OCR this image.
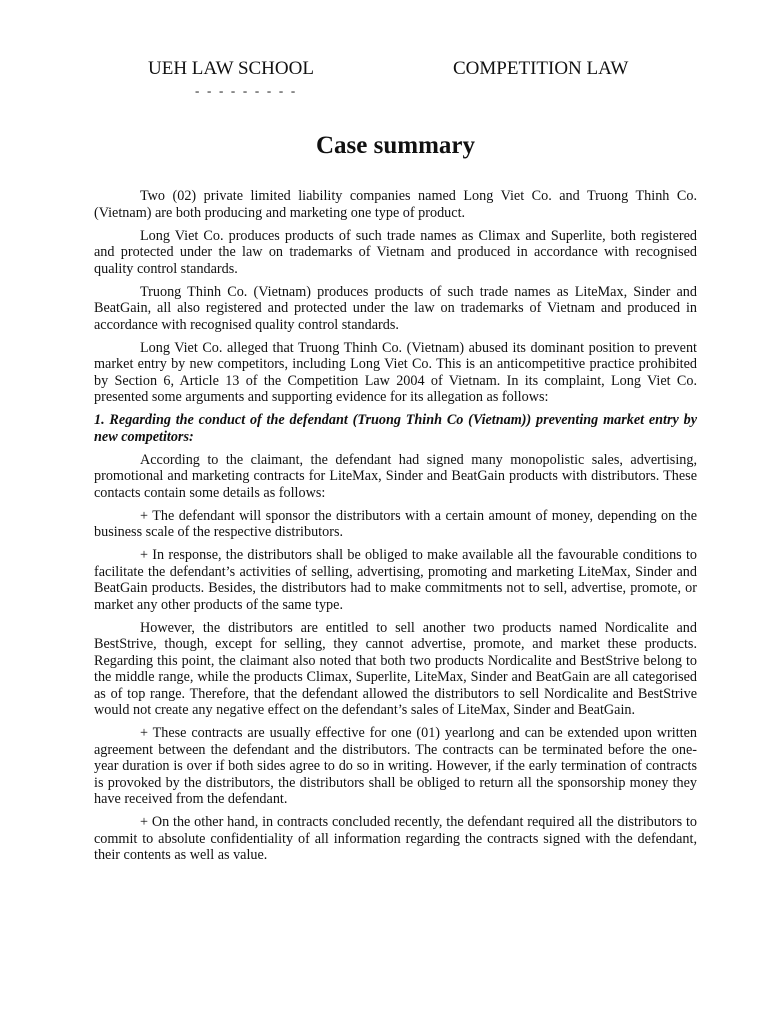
UEH LAW SCHOOL	COMPETITION LAW
- - - - - - - - -
Case summary

Two (02) private limited liability companies named Long Viet Co. and Truong Thinh Co. (Vietnam) are both producing and marketing one type of product.

Long Viet Co. produces products of such trade names as Climax and Superlite, both registered and protected under the law on trademarks of Vietnam and produced in accordance with recognised quality control standards.

Truong Thinh Co. (Vietnam) produces products of such trade names as LiteMax, Sinder and BeatGain, all also registered and protected under the law on trademarks of Vietnam and produced in accordance with recognised quality control standards.

Long Viet Co. alleged that Truong Thinh Co. (Vietnam) abused its dominant position to prevent market entry by new competitors, including Long Viet Co. This is an anticompetitive practice prohibited by Section 6, Article 13 of the Competition Law 2004 of Vietnam. In its complaint, Long Viet Co. presented some arguments and supporting evidence for its allegation as follows:

1. Regarding the conduct of the defendant (Truong Thinh Co (Vietnam)) preventing market entry by new competitors:

According to the claimant, the defendant had signed many monopolistic sales, advertising, promotional and marketing contracts for LiteMax, Sinder and BeatGain products with distributors. These contacts contain some details as follows:

+ The defendant will sponsor the distributors with a certain amount of money, depending on the business scale of the respective distributors.

+ In response, the distributors shall be obliged to make available all the favourable conditions to facilitate the defendant’s activities of selling, advertising, promoting and marketing LiteMax, Sinder and BeatGain products. Besides, the distributors had to make commitments not to sell, advertise, promote, or market any other products of the same type.

However, the distributors are entitled to sell another two products named Nordicalite and BestStrive, though, except for selling, they cannot advertise, promote, and market these products. Regarding this point, the claimant also noted that both two products Nordicalite and BestStrive belong to the middle range, while the products Climax, Superlite, LiteMax, Sinder and BeatGain are all categorised as of top range. Therefore, that the defendant allowed the distributors to sell Nordicalite and BestStrive would not create any negative effect on the defendant’s sales of LiteMax, Sinder and BeatGain.

+ These contracts are usually effective for one (01) yearlong and can be extended upon written agreement between the defendant and the distributors. The contracts can be terminated before the one-year duration is over if both sides agree to do so in writing. However, if the early termination of contracts is provoked by the distributors, the distributors shall be obliged to return all the sponsorship money they have received from the defendant.

+ On the other hand, in contracts concluded recently, the defendant required all the distributors to commit to absolute confidentiality of all information regarding the contracts signed with the defendant, their contents as well as value.
